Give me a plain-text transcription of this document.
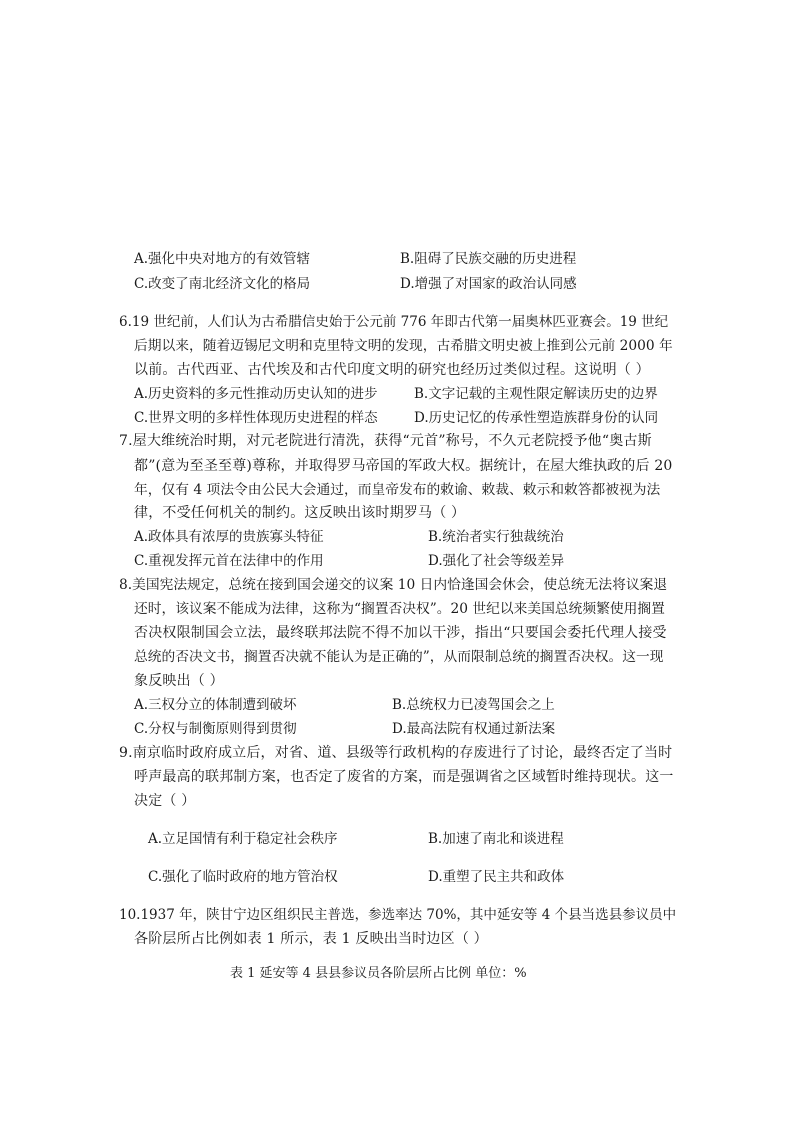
A.强化中央对地方的有效管辖	B.阻碍了民族交融的历史进程
C.改变了南北经济文化的格局	D.增强了对国家的政治认同感
6.19 世纪前，人们认为古希腊信史始于公元前 776 年即古代第一届奥林匹亚赛会。19 世纪
后期以来，随着迈锡尼文明和克里特文明的发现，古希腊文明史被上推到公元前 2000 年
以前。古代西亚、古代埃及和古代印度文明的研究也经历过类似过程。这说明（ ）
A.历史资料的多元性推动历史认知的进步	B.文字记载的主观性限定解读历史的边界
C.世界文明的多样性体现历史进程的样态	D.历史记忆的传承性塑造族群身份的认同
7.屋大维统治时期，对元老院进行清洗，获得“元首”称号，不久元老院授予他“奥古斯
都”(意为至圣至尊)尊称，并取得罗马帝国的军政大权。据统计，在屋大维执政的后 20
年，仅有 4 项法令由公民大会通过，而皇帝发布的敕谕、敕裁、敕示和敕答都被视为法
律，不受任何机关的制约。这反映出该时期罗马（ ）
A.政体具有浓厚的贵族寡头特征	B.统治者实行独裁统治
C.重视发挥元首在法律中的作用	D.强化了社会等级差异
8.美国宪法规定，总统在接到国会递交的议案 10 日内恰逢国会休会，使总统无法将议案退
还时，该议案不能成为法律，这称为“搁置否决权”。20 世纪以来美国总统频繁使用搁置
否决权限制国会立法，最终联邦法院不得不加以干涉，指出“只要国会委托代理人接受
总统的否决文书，搁置否决就不能认为是正确的”，从而限制总统的搁置否决权。这一现
象反映出（ ）
A.三权分立的体制遭到破坏	B.总统权力已凌驾国会之上
C.分权与制衡原则得到贯彻	D.最高法院有权通过新法案
9.南京临时政府成立后，对省、道、县级等行政机构的存废进行了讨论，最终否定了当时
呼声最高的联邦制方案，也否定了废省的方案，而是强调省之区域暂时维持现状。这一
决定（ ）
A.立足国情有利于稳定社会秩序	B.加速了南北和谈进程
C.强化了临时政府的地方管治权	D.重塑了民主共和政体
10.1937 年，陕甘宁边区组织民主普选，参选率达 70%，其中延安等 4 个县当选县参议员中
各阶层所占比例如表 1 所示，表 1 反映出当时边区（ ）
表 1 延安等 4 县县参议员各阶层所占比例 单位：%
